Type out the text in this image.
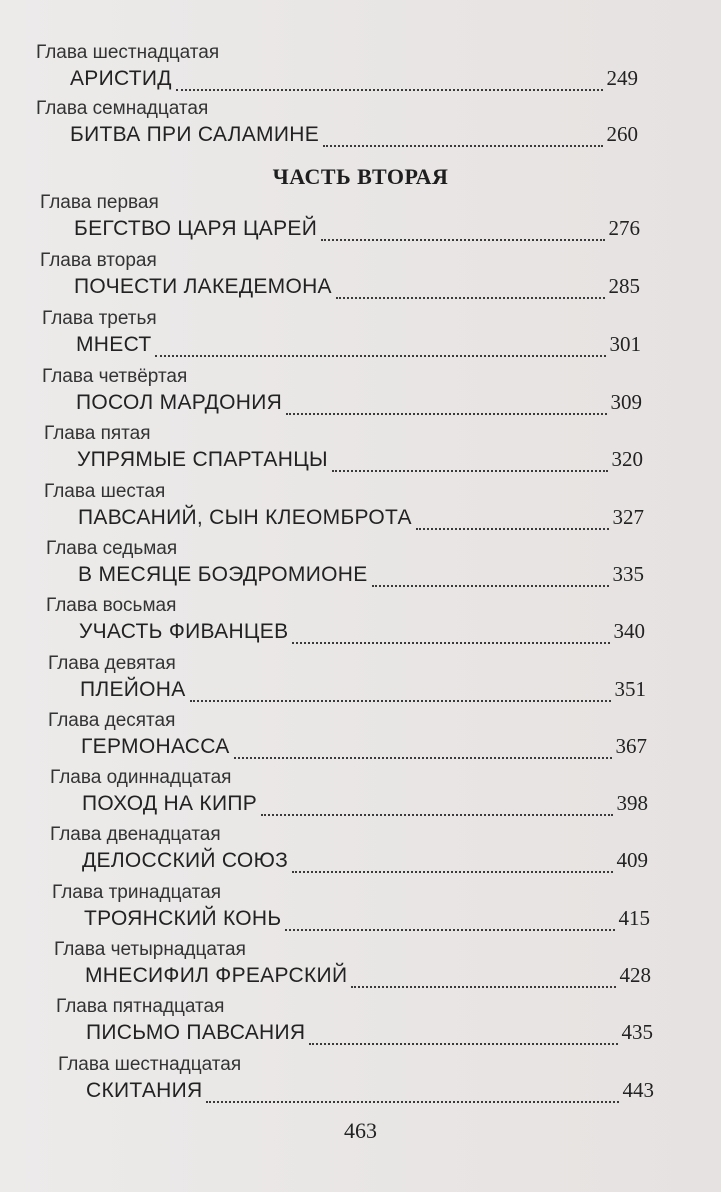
Глава шестнадцатая
АРИСТИД	249
Глава семнадцатая
БИТВА ПРИ САЛАМИНЕ	260
ЧАСТЬ ВТОРАЯ
Глава первая
БЕГСТВО ЦАРЯ ЦАРЕЙ	276
Глава вторая
ПОЧЕСТИ ЛАКЕДЕМОНА	285
Глава третья
МНЕСТ	301
Глава четвёртая
ПОСОЛ МАРДОНИЯ	309
Глава пятая
УПРЯМЫЕ СПАРТАНЦЫ	320
Глава шестая
ПАВСАНИЙ, СЫН КЛЕОМБРОТА	327
Глава седьмая
В МЕСЯЦЕ БОЭДРОМИОНЕ	335
Глава восьмая
УЧАСТЬ ФИВАНЦЕВ	340
Глава девятая
ПЛЕЙОНА	351
Глава десятая
ГЕРМОНАССА	367
Глава одиннадцатая
ПОХОД НА КИПР	398
Глава двенадцатая
ДЕЛОССКИЙ СОЮЗ	409
Глава тринадцатая
ТРОЯНСКИЙ КОНЬ	415
Глава четырнадцатая
МНЕСИФИЛ ФРЕАРСКИЙ	428
Глава пятнадцатая
ПИСЬМО ПАВСАНИЯ	435
Глава шестнадцатая
СКИТАНИЯ	443
463
